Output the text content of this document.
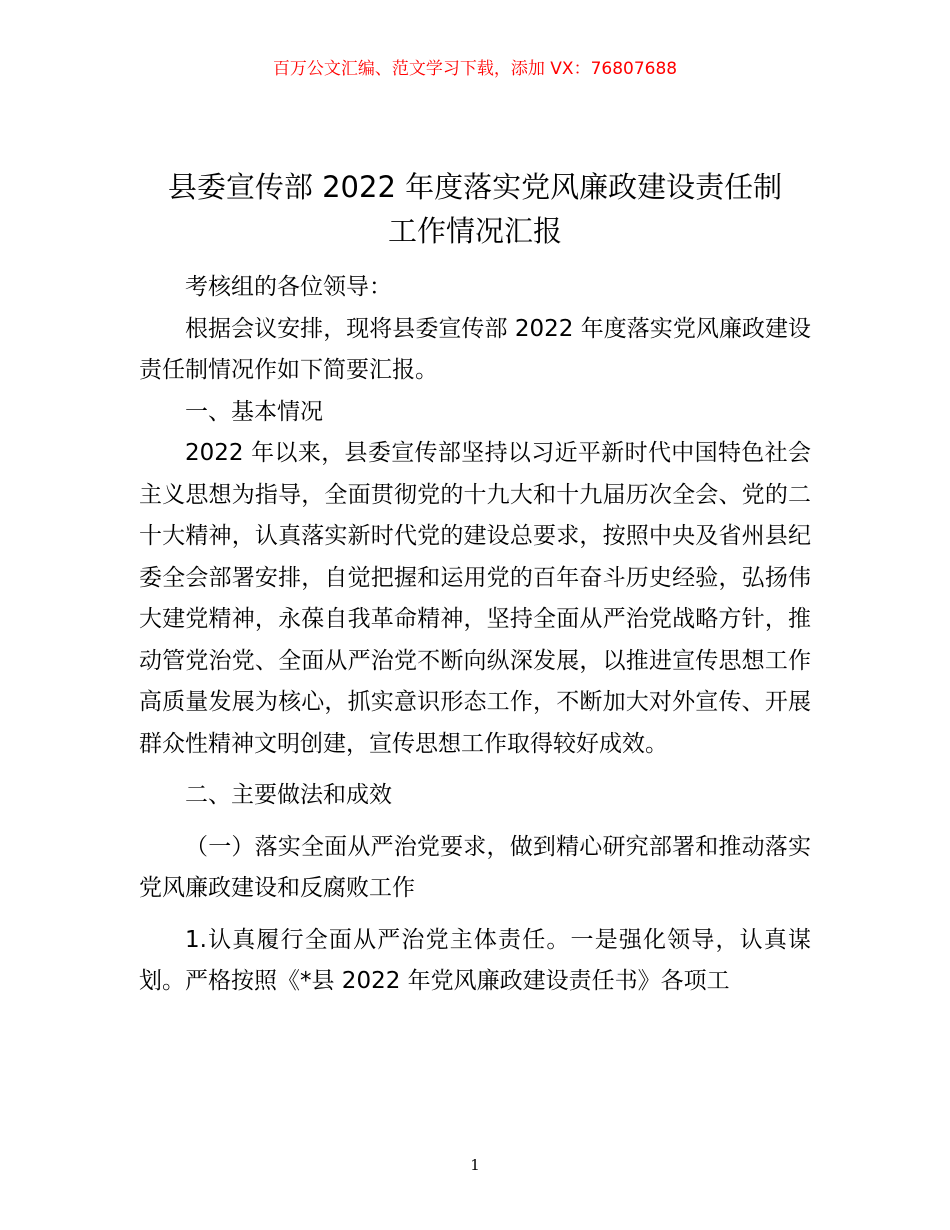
百万公文汇编、范文学习下载，添加 VX：76807688
县委宣传部 2022 年度落实党风廉政建设责任制
工作情况汇报

考核组的各位领导：

根据会议安排，现将县委宣传部 2022 年度落实党风廉政建设责任制情况作如下简要汇报。

一、基本情况

2022 年以来，县委宣传部坚持以习近平新时代中国特色社会主义思想为指导，全面贯彻党的十九大和十九届历次全会、党的二十大精神，认真落实新时代党的建设总要求，按照中央及省州县纪委全会部署安排，自觉把握和运用党的百年奋斗历史经验，弘扬伟大建党精神，永葆自我革命精神，坚持全面从严治党战略方针，推动管党治党、全面从严治党不断向纵深发展，以推进宣传思想工作高质量发展为核心，抓实意识形态工作，不断加大对外宣传、开展群众性精神文明创建，宣传思想工作取得较好成效。

二、主要做法和成效

（一）落实全面从严治党要求，做到精心研究部署和推动落实党风廉政建设和反腐败工作

1.认真履行全面从严治党主体责任。一是强化领导，认真谋划。严格按照《*县 2022 年党风廉政建设责任书》各项工

1
